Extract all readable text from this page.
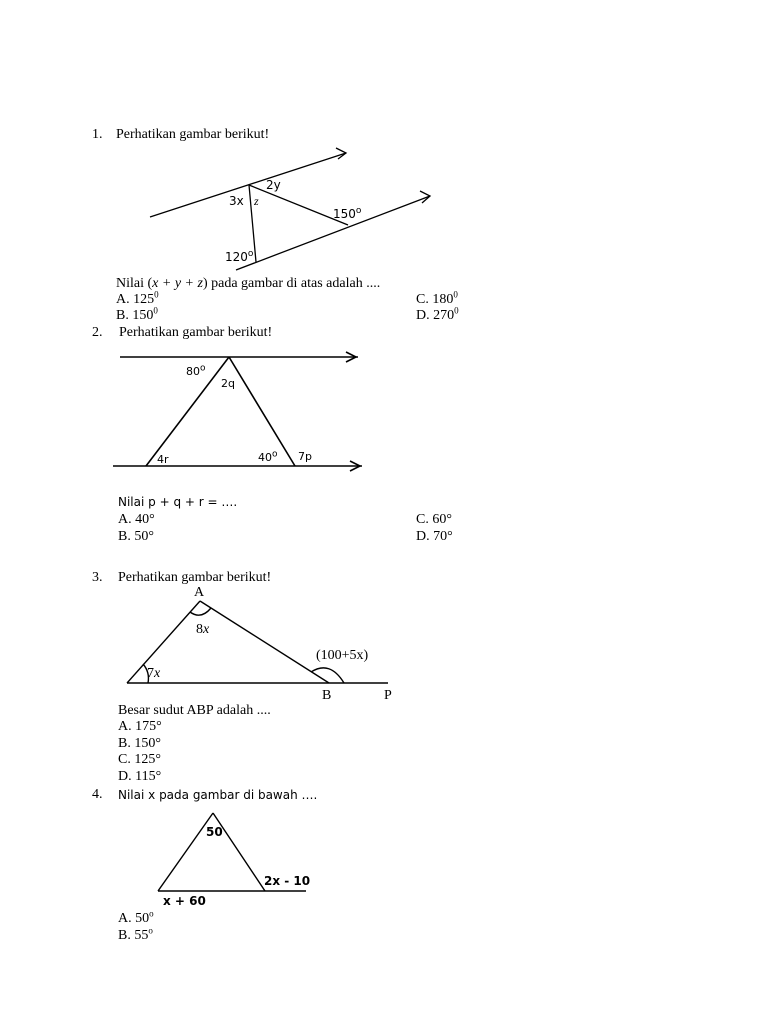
1. Perhatikan gambar berikut!
3x z
2y
150$^o$
120$^o$
Nilai (x + y + z) pada gambar di atas adalah ....
A. $125^0$
B. $150^0$
C. $180^0$
D. $270^0$
2. Perhatikan gambar berikut!
80$^o$
2q
4r	40$^o$ 7p
Nilai p + q + r = ….
A. 40°
B. 50°
C. 60°
D. 70°
3. Perhatikan gambar berikut!
A
8x
7x
(100+5x)
B	P
Besar sudut ABP adalah ....
A. 175°
B. 150°
C. 125°
D. 115°
4. Nilai x pada gambar di bawah ….
50
2x - 10
x + 60
A. 50$^o$
B. 55$^o$
